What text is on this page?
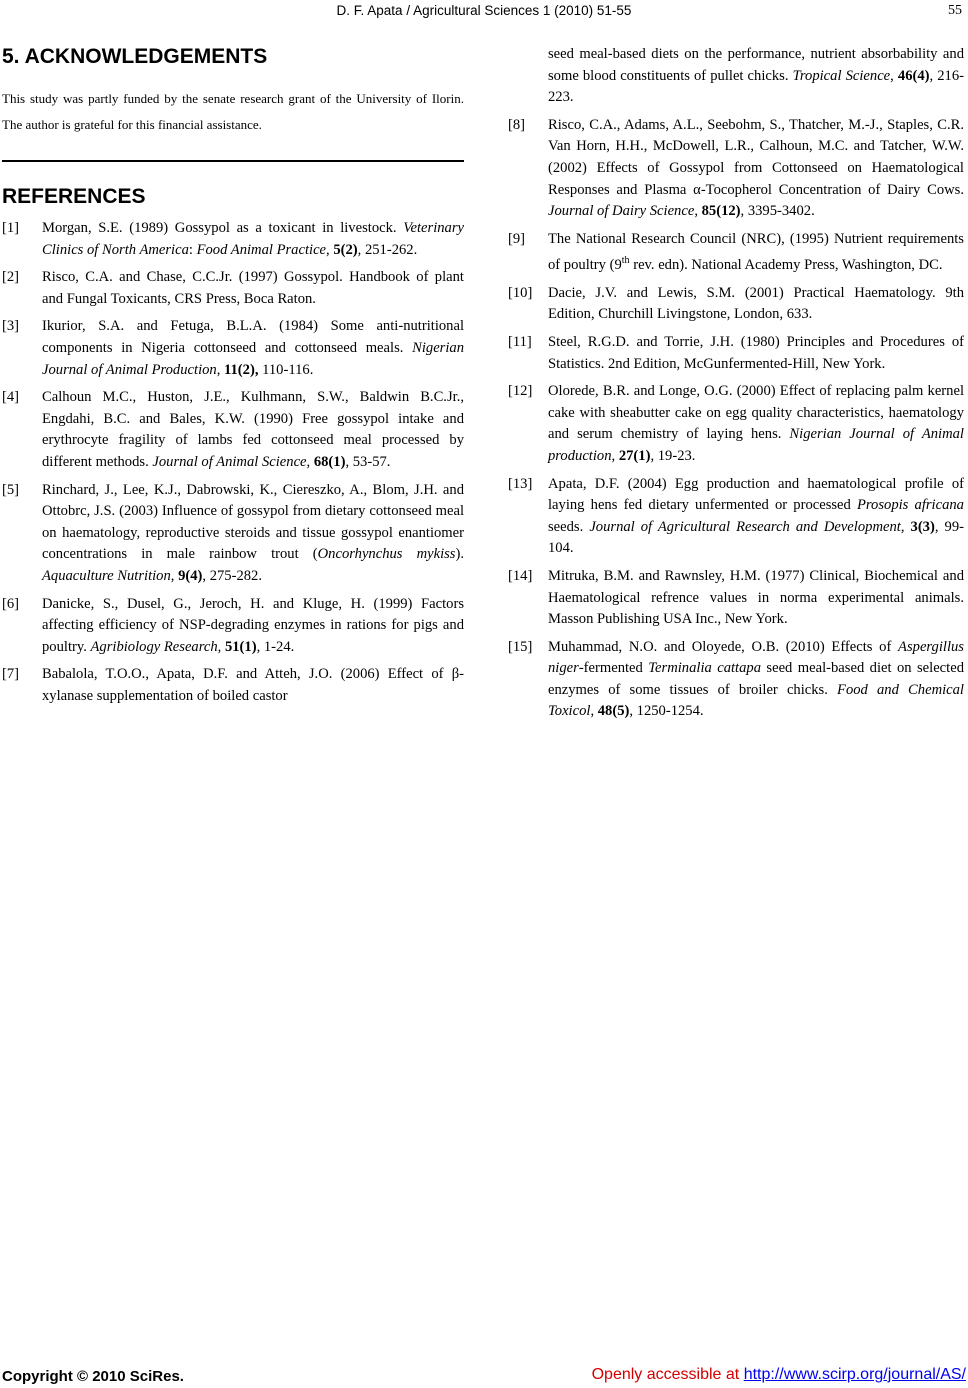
D. F. Apata / Agricultural Sciences 1 (2010) 51-55	55
5. ACKNOWLEDGEMENTS

This study was partly funded by the senate research grant of the University of Ilorin. The author is grateful for this financial assistance.

REFERENCES
[1]	Morgan, S.E. (1989) Gossypol as a toxicant in livestock. Veterinary Clinics of North America: Food Animal Practice, 5(2), 251-262.
[2]	Risco, C.A. and Chase, C.C.Jr. (1997) Gossypol. Handbook of plant and Fungal Toxicants, CRS Press, Boca Raton.
[3]	Ikurior, S.A. and Fetuga, B.L.A. (1984) Some anti-nutritional components in Nigeria cottonseed and cottonseed meals. Nigerian Journal of Animal Production, 11(2), 110-116.
[4]	Calhoun M.C., Huston, J.E., Kulhmann, S.W., Baldwin B.C.Jr., Engdahi, B.C. and Bales, K.W. (1990) Free gossypol intake and erythrocyte fragility of lambs fed cottonseed meal processed by different methods. Journal of Animal Science, 68(1), 53-57.
[5]	Rinchard, J., Lee, K.J., Dabrowski, K., Ciereszko, A., Blom, J.H. and Ottobrc, J.S. (2003) Influence of gossypol from dietary cottonseed meal on haematology, reproductive steroids and tissue gossypol enantiomer concentrations in male rainbow trout (Oncorhynchus mykiss). Aquaculture Nutrition, 9(4), 275-282.
[6]	Danicke, S., Dusel, G., Jeroch, H. and Kluge, H. (1999) Factors affecting efficiency of NSP-degrading enzymes in rations for pigs and poultry. Agribiology Research, 51(1), 1-24.
[7]	Babalola, T.O.O., Apata, D.F. and Atteh, J.O. (2006) Effect of β-xylanase supplementation of boiled castor
seed meal-based diets on the performance, nutrient absorbability and some blood constituents of pullet chicks. Tropical Science, 46(4), 216-223.
[8]	Risco, C.A., Adams, A.L., Seebohm, S., Thatcher, M.-J., Staples, C.R. Van Horn, H.H., McDowell, L.R., Calhoun, M.C. and Tatcher, W.W. (2002) Effects of Gossypol from Cottonseed on Haematological Responses and Plasma α-Tocopherol Concentration of Dairy Cows. Journal of Dairy Science, 85(12), 3395-3402.
[9]	The National Research Council (NRC), (1995) Nutrient requirements of poultry (9th rev. edn). National Academy Press, Washington, DC.
[10]	Dacie, J.V. and Lewis, S.M. (2001) Practical Haematology. 9th Edition, Churchill Livingstone, London, 633.
[11]	Steel, R.G.D. and Torrie, J.H. (1980) Principles and Procedures of Statistics. 2nd Edition, McGunfermented-Hill, New York.
[12]	Olorede, B.R. and Longe, O.G. (2000) Effect of replacing palm kernel cake with sheabutter cake on egg quality characteristics, haematology and serum chemistry of laying hens. Nigerian Journal of Animal production, 27(1), 19-23.
[13]	Apata, D.F. (2004) Egg production and haematological profile of laying hens fed dietary unfermented or processed Prosopis africana seeds. Journal of Agricultural Research and Development, 3(3), 99-104.
[14]	Mitruka, B.M. and Rawnsley, H.M. (1977) Clinical, Biochemical and Haematological refrence values in norma experimental animals. Masson Publishing USA Inc., New York.
[15]	Muhammad, N.O. and Oloyede, O.B. (2010) Effects of Aspergillus niger-fermented Terminalia cattapa seed meal-based diet on selected enzymes of some tissues of broiler chicks. Food and Chemical Toxicol, 48(5), 1250-1254.
Copyright © 2010 SciRes.	Openly accessible at http://www.scirp.org/journal/AS/
